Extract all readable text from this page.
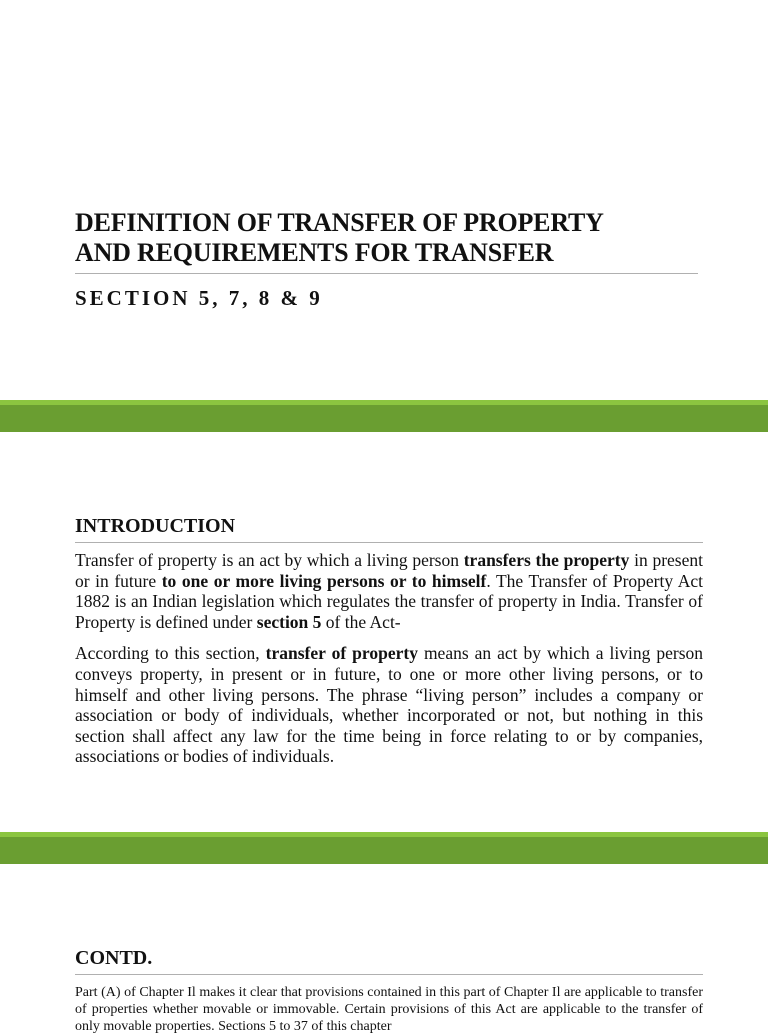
DEFINITION OF TRANSFER OF PROPERTY
AND REQUIREMENTS FOR TRANSFER
SECTION 5, 7, 8 & 9
INTRODUCTION

Transfer of property is an act by which a living person transfers the property in present or in future to one or more living persons or to himself. The Transfer of Property Act 1882 is an Indian legislation which regulates the transfer of property in India. Transfer of Property is defined under section 5 of the Act-

According to this section, transfer of property means an act by which a living person conveys property, in present or in future, to one or more other living persons, or to himself and other living persons. The phrase “living person” includes a company or association or body of individuals, whether incorporated or not, but nothing in this section shall affect any law for the time being in force relating to or by companies, associations or bodies of individuals.

CONTD.

Part (A) of Chapter Il makes it clear that provisions contained in this part of Chapter Il are applicable to transfer of properties whether movable or immovable. Certain provisions of this Act are applicable to the transfer of only movable properties. Sections 5 to 37 of this chapter
